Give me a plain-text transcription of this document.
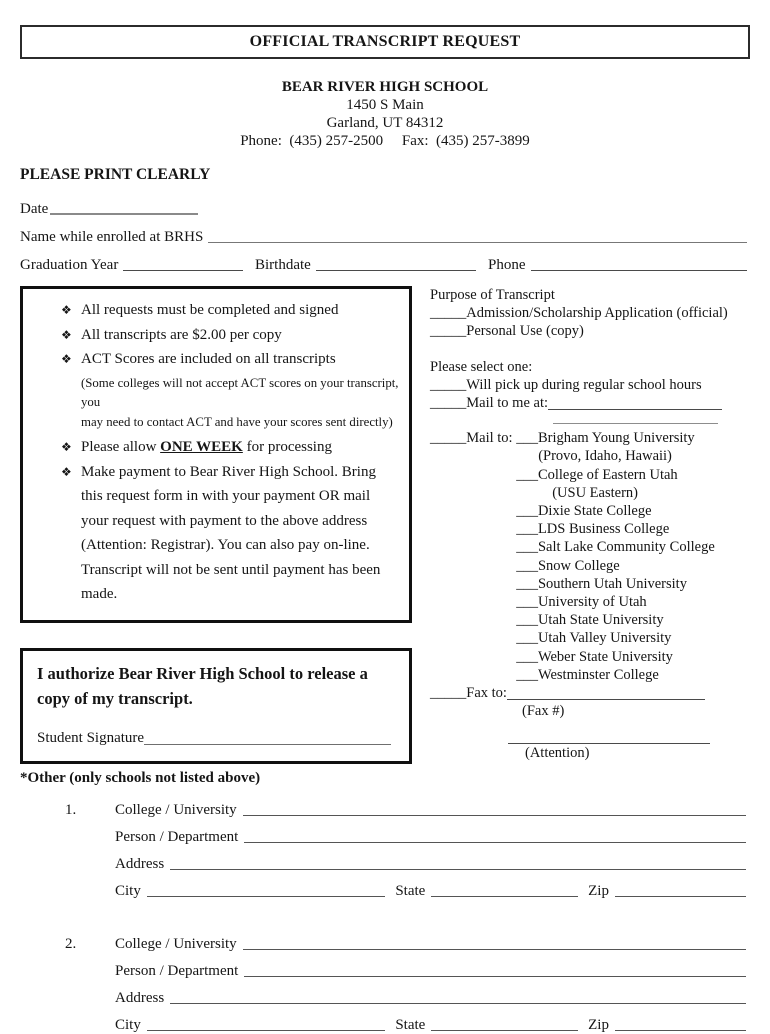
OFFICIAL TRANSCRIPT REQUEST
BEAR RIVER HIGH SCHOOL
1450 S Main
Garland, UT 84312
Phone:  (435) 257-2500     Fax:  (435) 257-3899
PLEASE PRINT CLEARLY
Date
Name while enrolled at BRHS
Graduation Year	Birthdate	Phone
❖ All requests must be completed and signed
❖ All transcripts are $2.00 per copy
❖ ACT Scores are included on all transcripts
(Some colleges will not accept ACT scores on your transcript, you
may need to contact ACT and have your scores sent directly)
❖ Please allow ONE WEEK for processing
❖ Make payment to Bear River High School. Bring this request form in with your payment OR mail your request with payment to the above address (Attention: Registrar). You can also pay on-line. Transcript will not be sent until payment has been made.
I authorize Bear River High School to release a copy of my transcript.
Student Signature
Purpose of Transcript
_____Admission/Scholarship Application (official)
_____Personal Use (copy)
Please select one:
_____Will pick up during regular school hours
_____Mail to me at:
_____Mail to: ___Brigham Young University
(Provo, Idaho, Hawaii)
___College of Eastern Utah
(USU Eastern)
___Dixie State College
___LDS Business College
___Salt Lake Community College
___Snow College
___Southern Utah University
___University of Utah
___Utah State University
___Utah Valley University
___Weber State University
___Westminster College
_____Fax to:
(Fax #)
(Attention)
*Other (only schools not listed above)
1.	College / University
Person / Department
Address
City	State	Zip
2.	College / University
Person / Department
Address
City	State	Zip
